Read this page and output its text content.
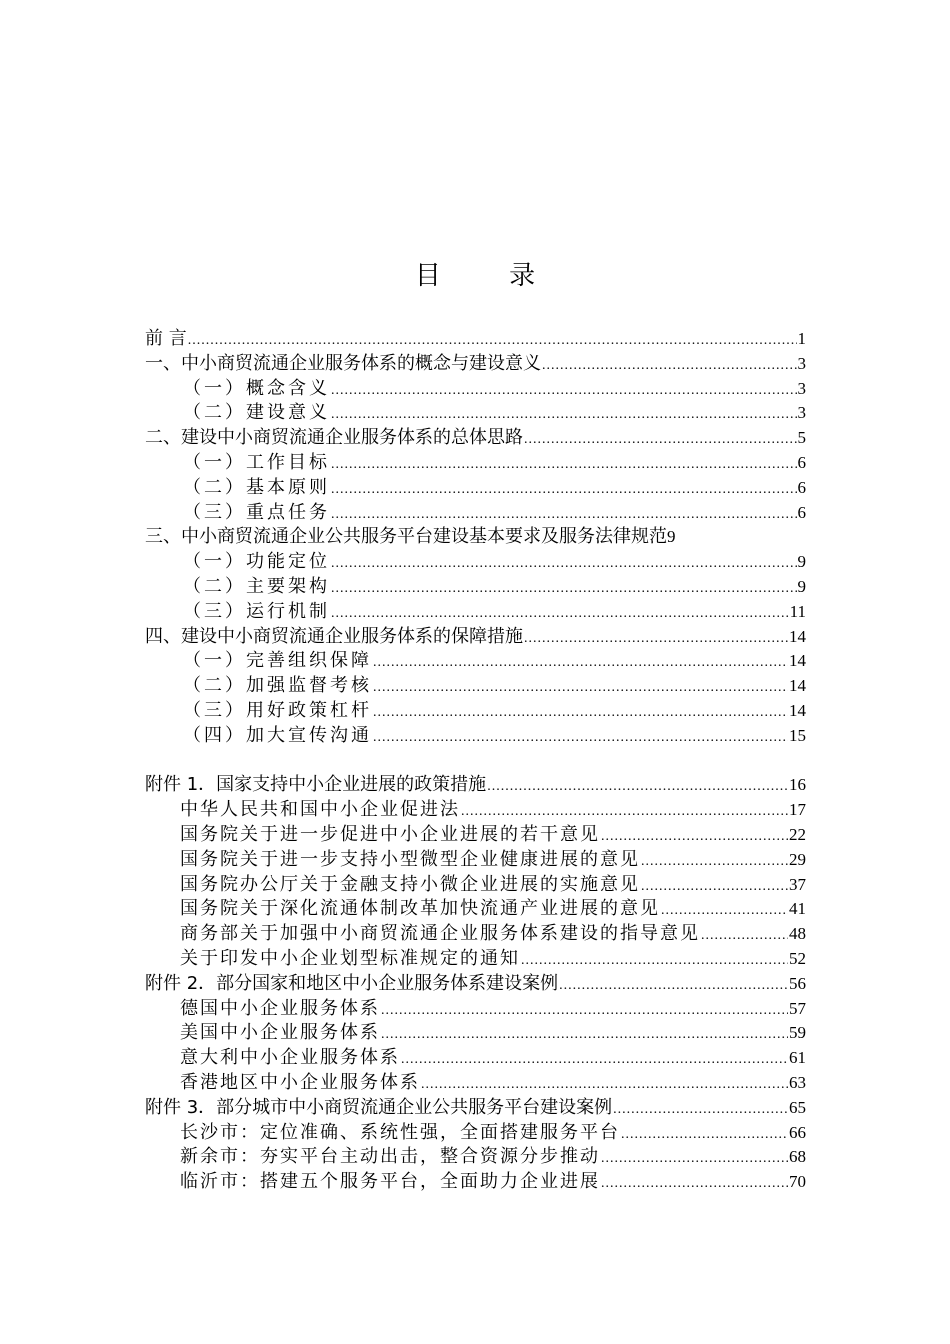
目 录
前 言 .....	1
一、中小商贸流通企业服务体系的概念与建设意义 .....	3
（一）概念含义 .....	3
（二）建设意义 .....	3
二、建设中小商贸流通企业服务体系的总体思路 .....	5
（一）工作目标 .....	6
（二）基本原则 .....	6
（三）重点任务 .....	6
三、中小商贸流通企业公共服务平台建设基本要求及服务法律规范 9
（一）功能定位 .....	9
（二）主要架构 .....	9
（三）运行机制 .....	11
四、建设中小商贸流通企业服务体系的保障措施 .....	14
（一）完善组织保障 .....	14
（二）加强监督考核 .....	14
（三）用好政策杠杆 .....	14
（四）加大宣传沟通 .....	15
附件 1．国家支持中小企业进展的政策措施 .....	16
中华人民共和国中小企业促进法 .....	17
国务院关于进一步促进中小企业进展的若干意见 .....	22
国务院关于进一步支持小型微型企业健康进展的意见 .....	29
国务院办公厅关于金融支持小微企业进展的实施意见 .....	37
国务院关于深化流通体制改革加快流通产业进展的意见 .....	41
商务部关于加强中小商贸流通企业服务体系建设的指导意见 .....	48
关于印发中小企业划型标准规定的通知 .....	52
附件 2．部分国家和地区中小企业服务体系建设案例 .....	56
德国中小企业服务体系 .....	57
美国中小企业服务体系 .....	59
意大利中小企业服务体系 .....	61
香港地区中小企业服务体系 .....	63
附件 3．部分城市中小商贸流通企业公共服务平台建设案例 .....	65
长沙市：定位准确、系统性强，全面搭建服务平台 .....	66
新余市：夯实平台主动出击，整合资源分步推动 .....	68
临沂市：搭建五个服务平台，全面助力企业进展 .....	70
